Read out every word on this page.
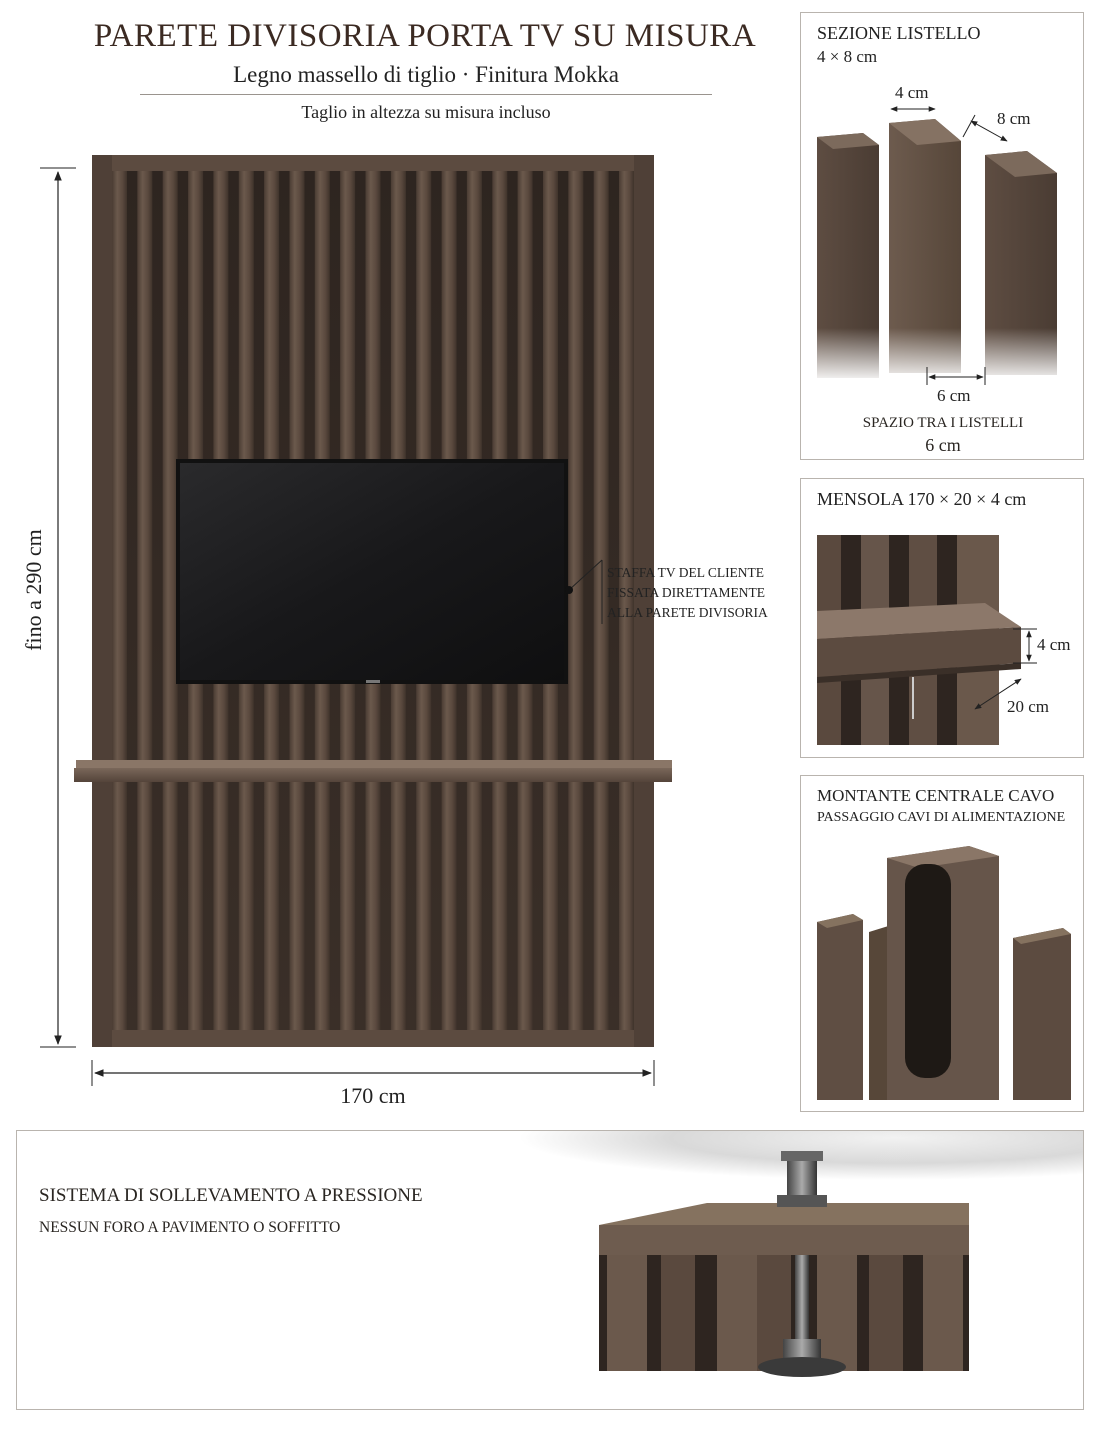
PARETE DIVISORIA PORTA TV SU MISURA
Legno massello di tiglio · Finitura Mokka
Taglio in altezza su misura incluso
fino a 290 cm
170 cm
STAFFA TV DEL CLIENTE
FISSATA DIRETTAMENTE
ALLA PARETE DIVISORIA
SEZIONE LISTELLO
4 × 8 cm
4 cm
8 cm
6 cm
SPAZIO TRA I LISTELLI
6 cm
MENSOLA 170 × 20 × 4 cm
4 cm
20 cm
MONTANTE CENTRALE CAVO
PASSAGGIO CAVI DI ALIMENTAZIONE
SISTEMA DI SOLLEVAMENTO A PRESSIONE
NESSUN FORO A PAVIMENTO O SOFFITTO
